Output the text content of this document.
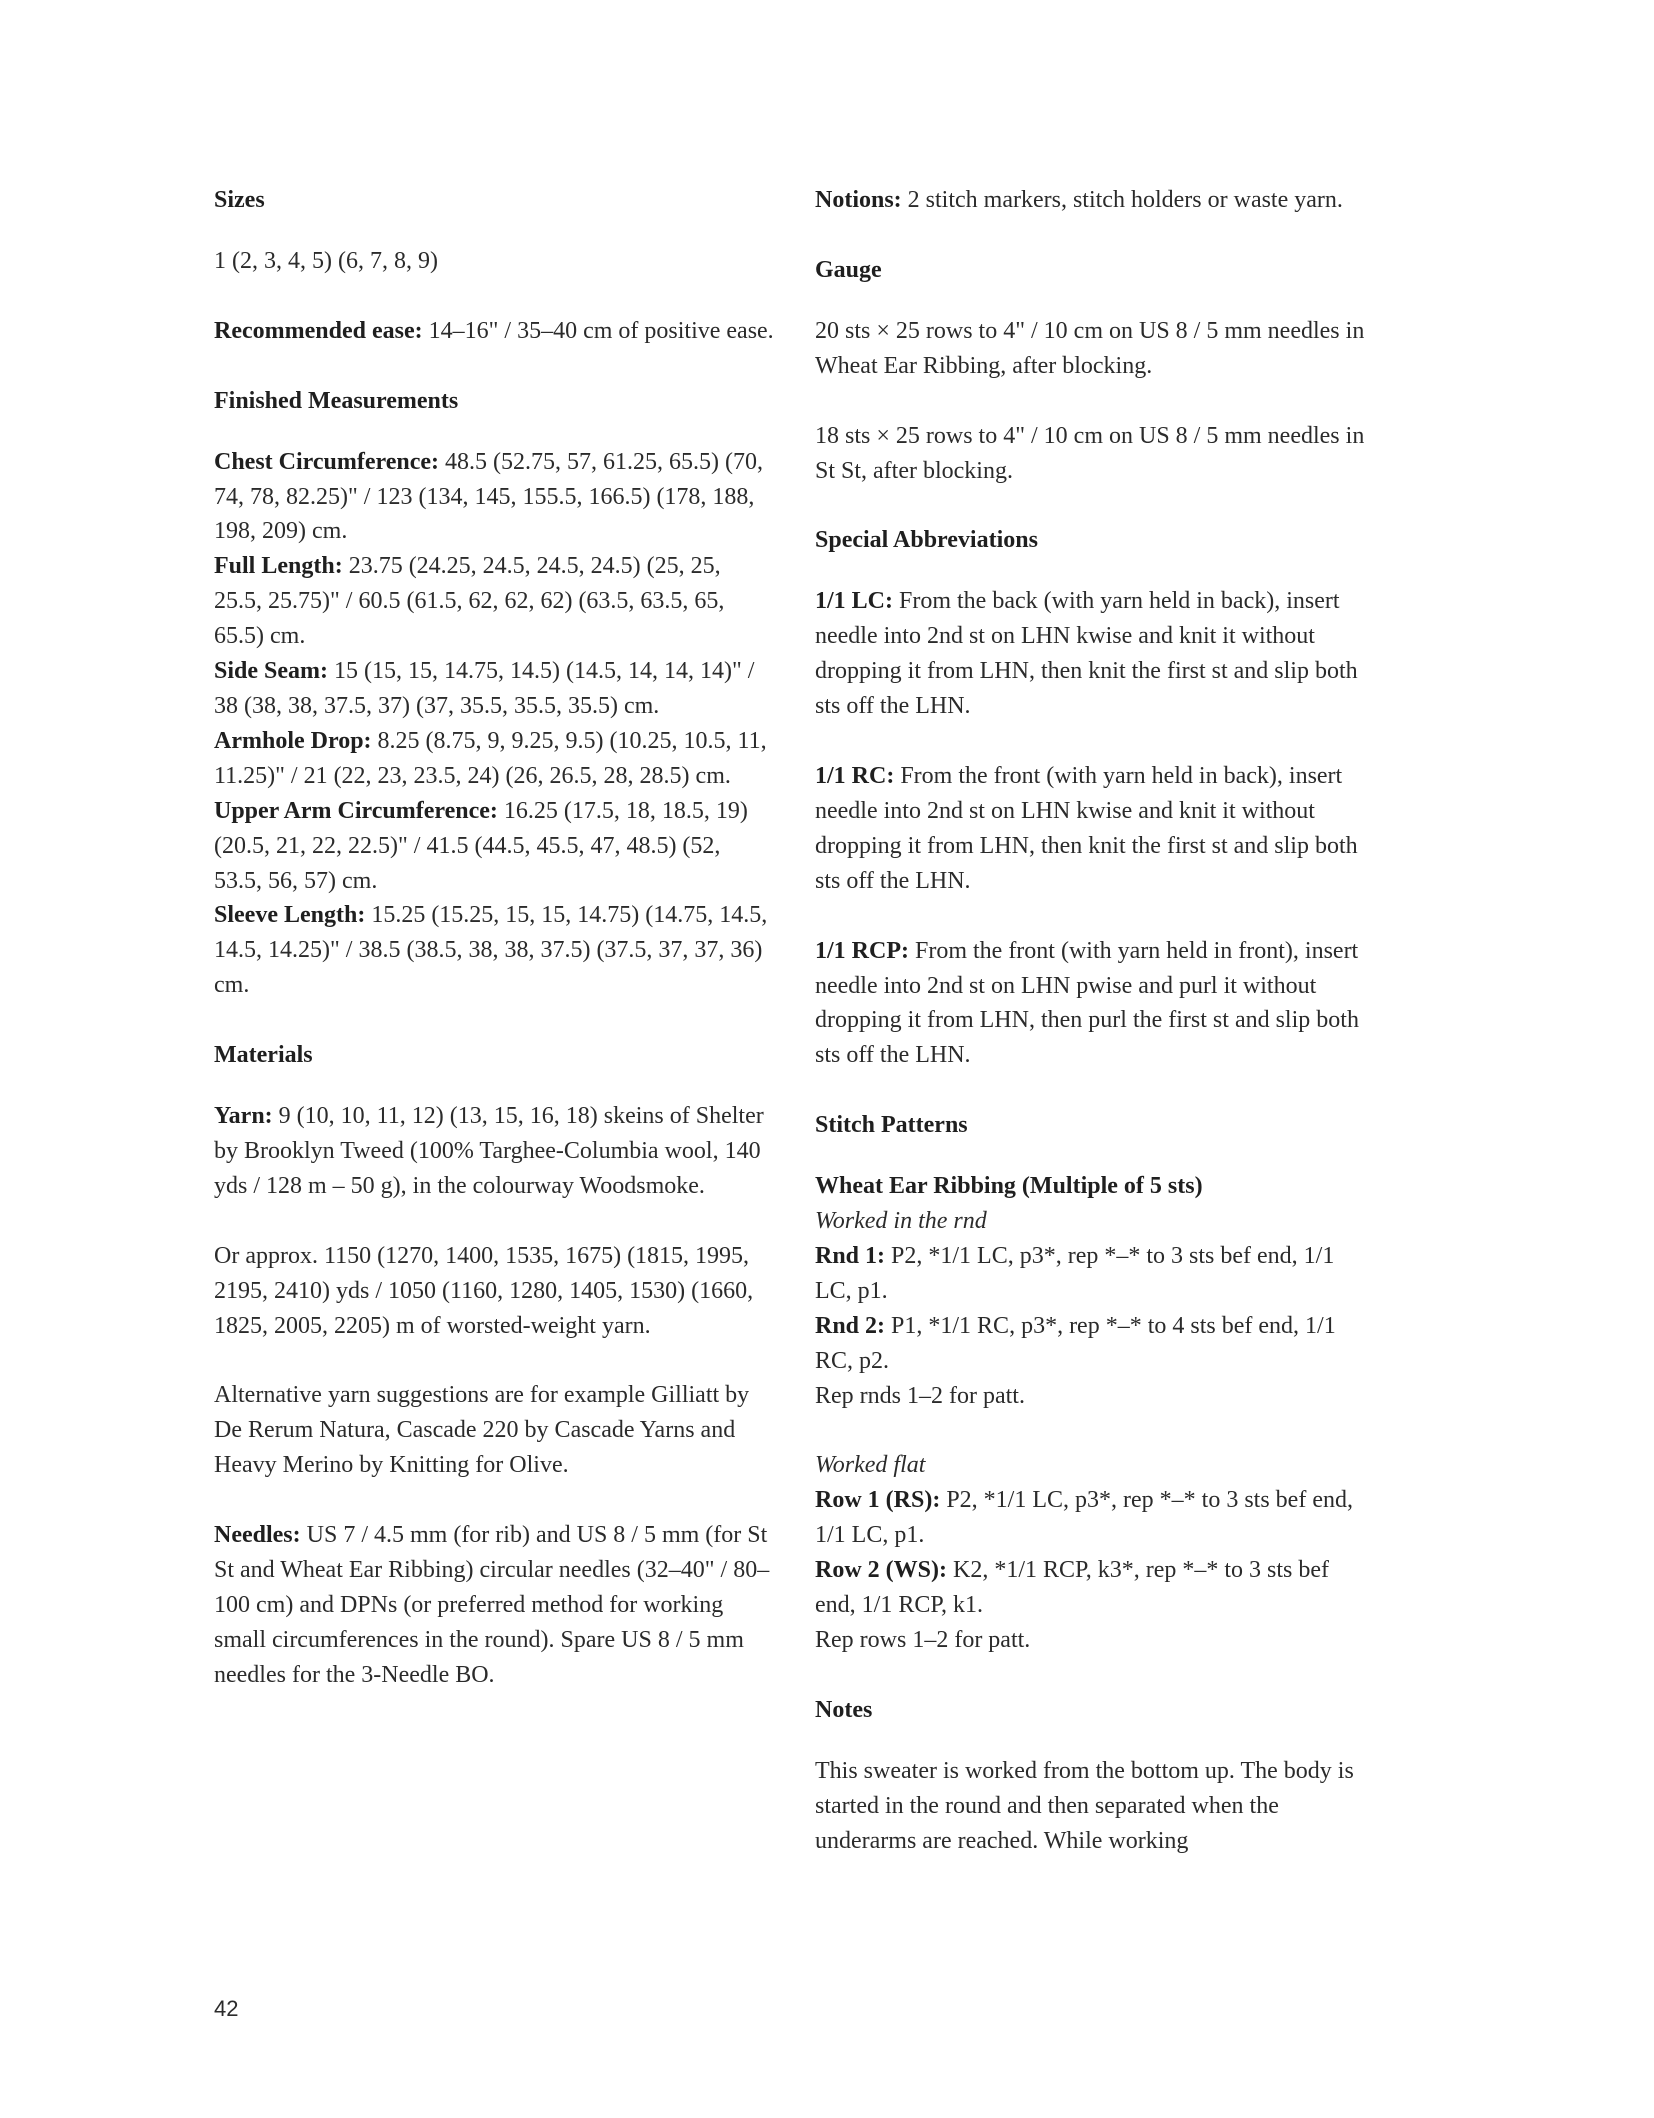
Sizes
1 (2, 3, 4, 5) (6, 7, 8, 9)
Recommended ease: 14–16" / 35–40 cm of positive ease.
Finished Measurements
Chest Circumference: 48.5 (52.75, 57, 61.25, 65.5) (70, 74, 78, 82.25)" / 123 (134, 145, 155.5, 166.5) (178, 188, 198, 209) cm.
Full Length: 23.75 (24.25, 24.5, 24.5, 24.5) (25, 25, 25.5, 25.75)" / 60.5 (61.5, 62, 62, 62) (63.5, 63.5, 65, 65.5) cm.
Side Seam: 15 (15, 15, 14.75, 14.5) (14.5, 14, 14, 14)" / 38 (38, 38, 37.5, 37) (37, 35.5, 35.5, 35.5) cm.
Armhole Drop: 8.25 (8.75, 9, 9.25, 9.5) (10.25, 10.5, 11, 11.25)" / 21 (22, 23, 23.5, 24) (26, 26.5, 28, 28.5) cm.
Upper Arm Circumference: 16.25 (17.5, 18, 18.5, 19) (20.5, 21, 22, 22.5)" / 41.5 (44.5, 45.5, 47, 48.5) (52, 53.5, 56, 57) cm.
Sleeve Length: 15.25 (15.25, 15, 15, 14.75) (14.75, 14.5, 14.5, 14.25)" / 38.5 (38.5, 38, 38, 37.5) (37.5, 37, 37, 36) cm.
Materials
Yarn: 9 (10, 10, 11, 12) (13, 15, 16, 18) skeins of Shelter by Brooklyn Tweed (100% Targhee-Columbia wool, 140 yds / 128 m – 50 g), in the colourway Woodsmoke.
Or approx. 1150 (1270, 1400, 1535, 1675) (1815, 1995, 2195, 2410) yds / 1050 (1160, 1280, 1405, 1530) (1660, 1825, 2005, 2205) m of worsted-weight yarn.
Alternative yarn suggestions are for example Gilliatt by De Rerum Natura, Cascade 220 by Cascade Yarns and Heavy Merino by Knitting for Olive.
Needles: US 7 / 4.5 mm (for rib) and US 8 / 5 mm (for St St and Wheat Ear Ribbing) circular needles (32–40" / 80–100 cm) and DPNs (or preferred method for working small circumferences in the round). Spare US 8 / 5 mm needles for the 3-Needle BO.
Notions: 2 stitch markers, stitch holders or waste yarn.
Gauge
20 sts × 25 rows to 4" / 10 cm on US 8 / 5 mm needles in Wheat Ear Ribbing, after blocking.
18 sts × 25 rows to 4" / 10 cm on US 8 / 5 mm needles in St St, after blocking.
Special Abbreviations
1/1 LC: From the back (with yarn held in back), insert needle into 2nd st on LHN kwise and knit it without dropping it from LHN, then knit the first st and slip both sts off the LHN.
1/1 RC: From the front (with yarn held in back), insert needle into 2nd st on LHN kwise and knit it without dropping it from LHN, then knit the first st and slip both sts off the LHN.
1/1 RCP: From the front (with yarn held in front), insert needle into 2nd st on LHN pwise and purl it without dropping it from LHN, then purl the first st and slip both sts off the LHN.
Stitch Patterns
Wheat Ear Ribbing (Multiple of 5 sts)
Worked in the rnd
Rnd 1: P2, *1/1 LC, p3*, rep *–* to 3 sts bef end, 1/1 LC, p1.
Rnd 2: P1, *1/1 RC, p3*, rep *–* to 4 sts bef end, 1/1 RC, p2.
Rep rnds 1–2 for patt.
Worked flat
Row 1 (RS): P2, *1/1 LC, p3*, rep *–* to 3 sts bef end, 1/1 LC, p1.
Row 2 (WS): K2, *1/1 RCP, k3*, rep *–* to 3 sts bef end, 1/1 RCP, k1.
Rep rows 1–2 for patt.
Notes
This sweater is worked from the bottom up. The body is started in the round and then separated when the underarms are reached. While working
42
